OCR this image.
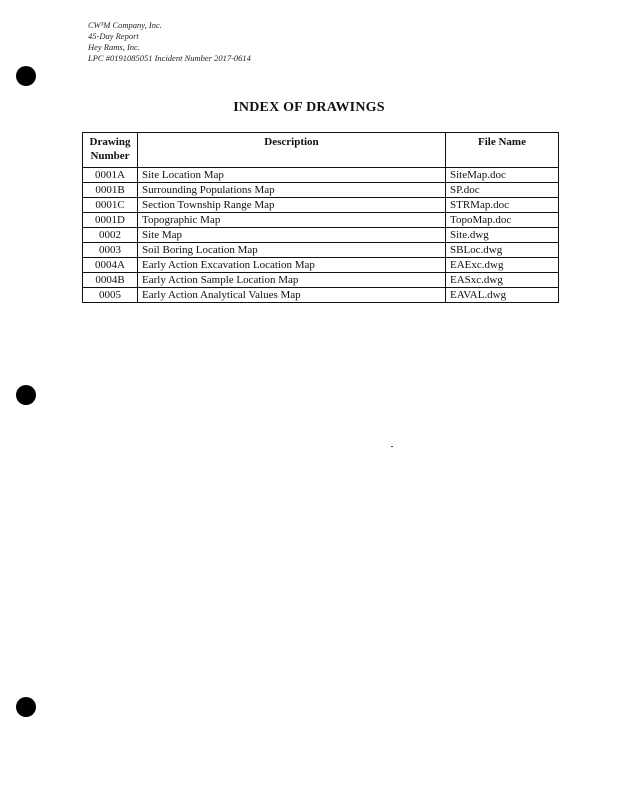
CW³M Company, Inc.
45-Day Report
Hey Rams, Inc.
LPC #0191085051 Incident Number 2017-0614
INDEX OF DRAWINGS
Drawing Number	Description	File Name
0001A	Site Location Map	SiteMap.doc
0001B	Surrounding Populations Map	SP.doc
0001C	Section Township Range Map	STRMap.doc
0001D	Topographic Map	TopoMap.doc
0002	Site Map	Site.dwg
0003	Soil Boring Location Map	SBLoc.dwg
0004A	Early Action Excavation Location Map	EAExc.dwg
0004B	Early Action Sample Location Map	EASxc.dwg
0005	Early Action Analytical Values Map	EAVAL.dwg
